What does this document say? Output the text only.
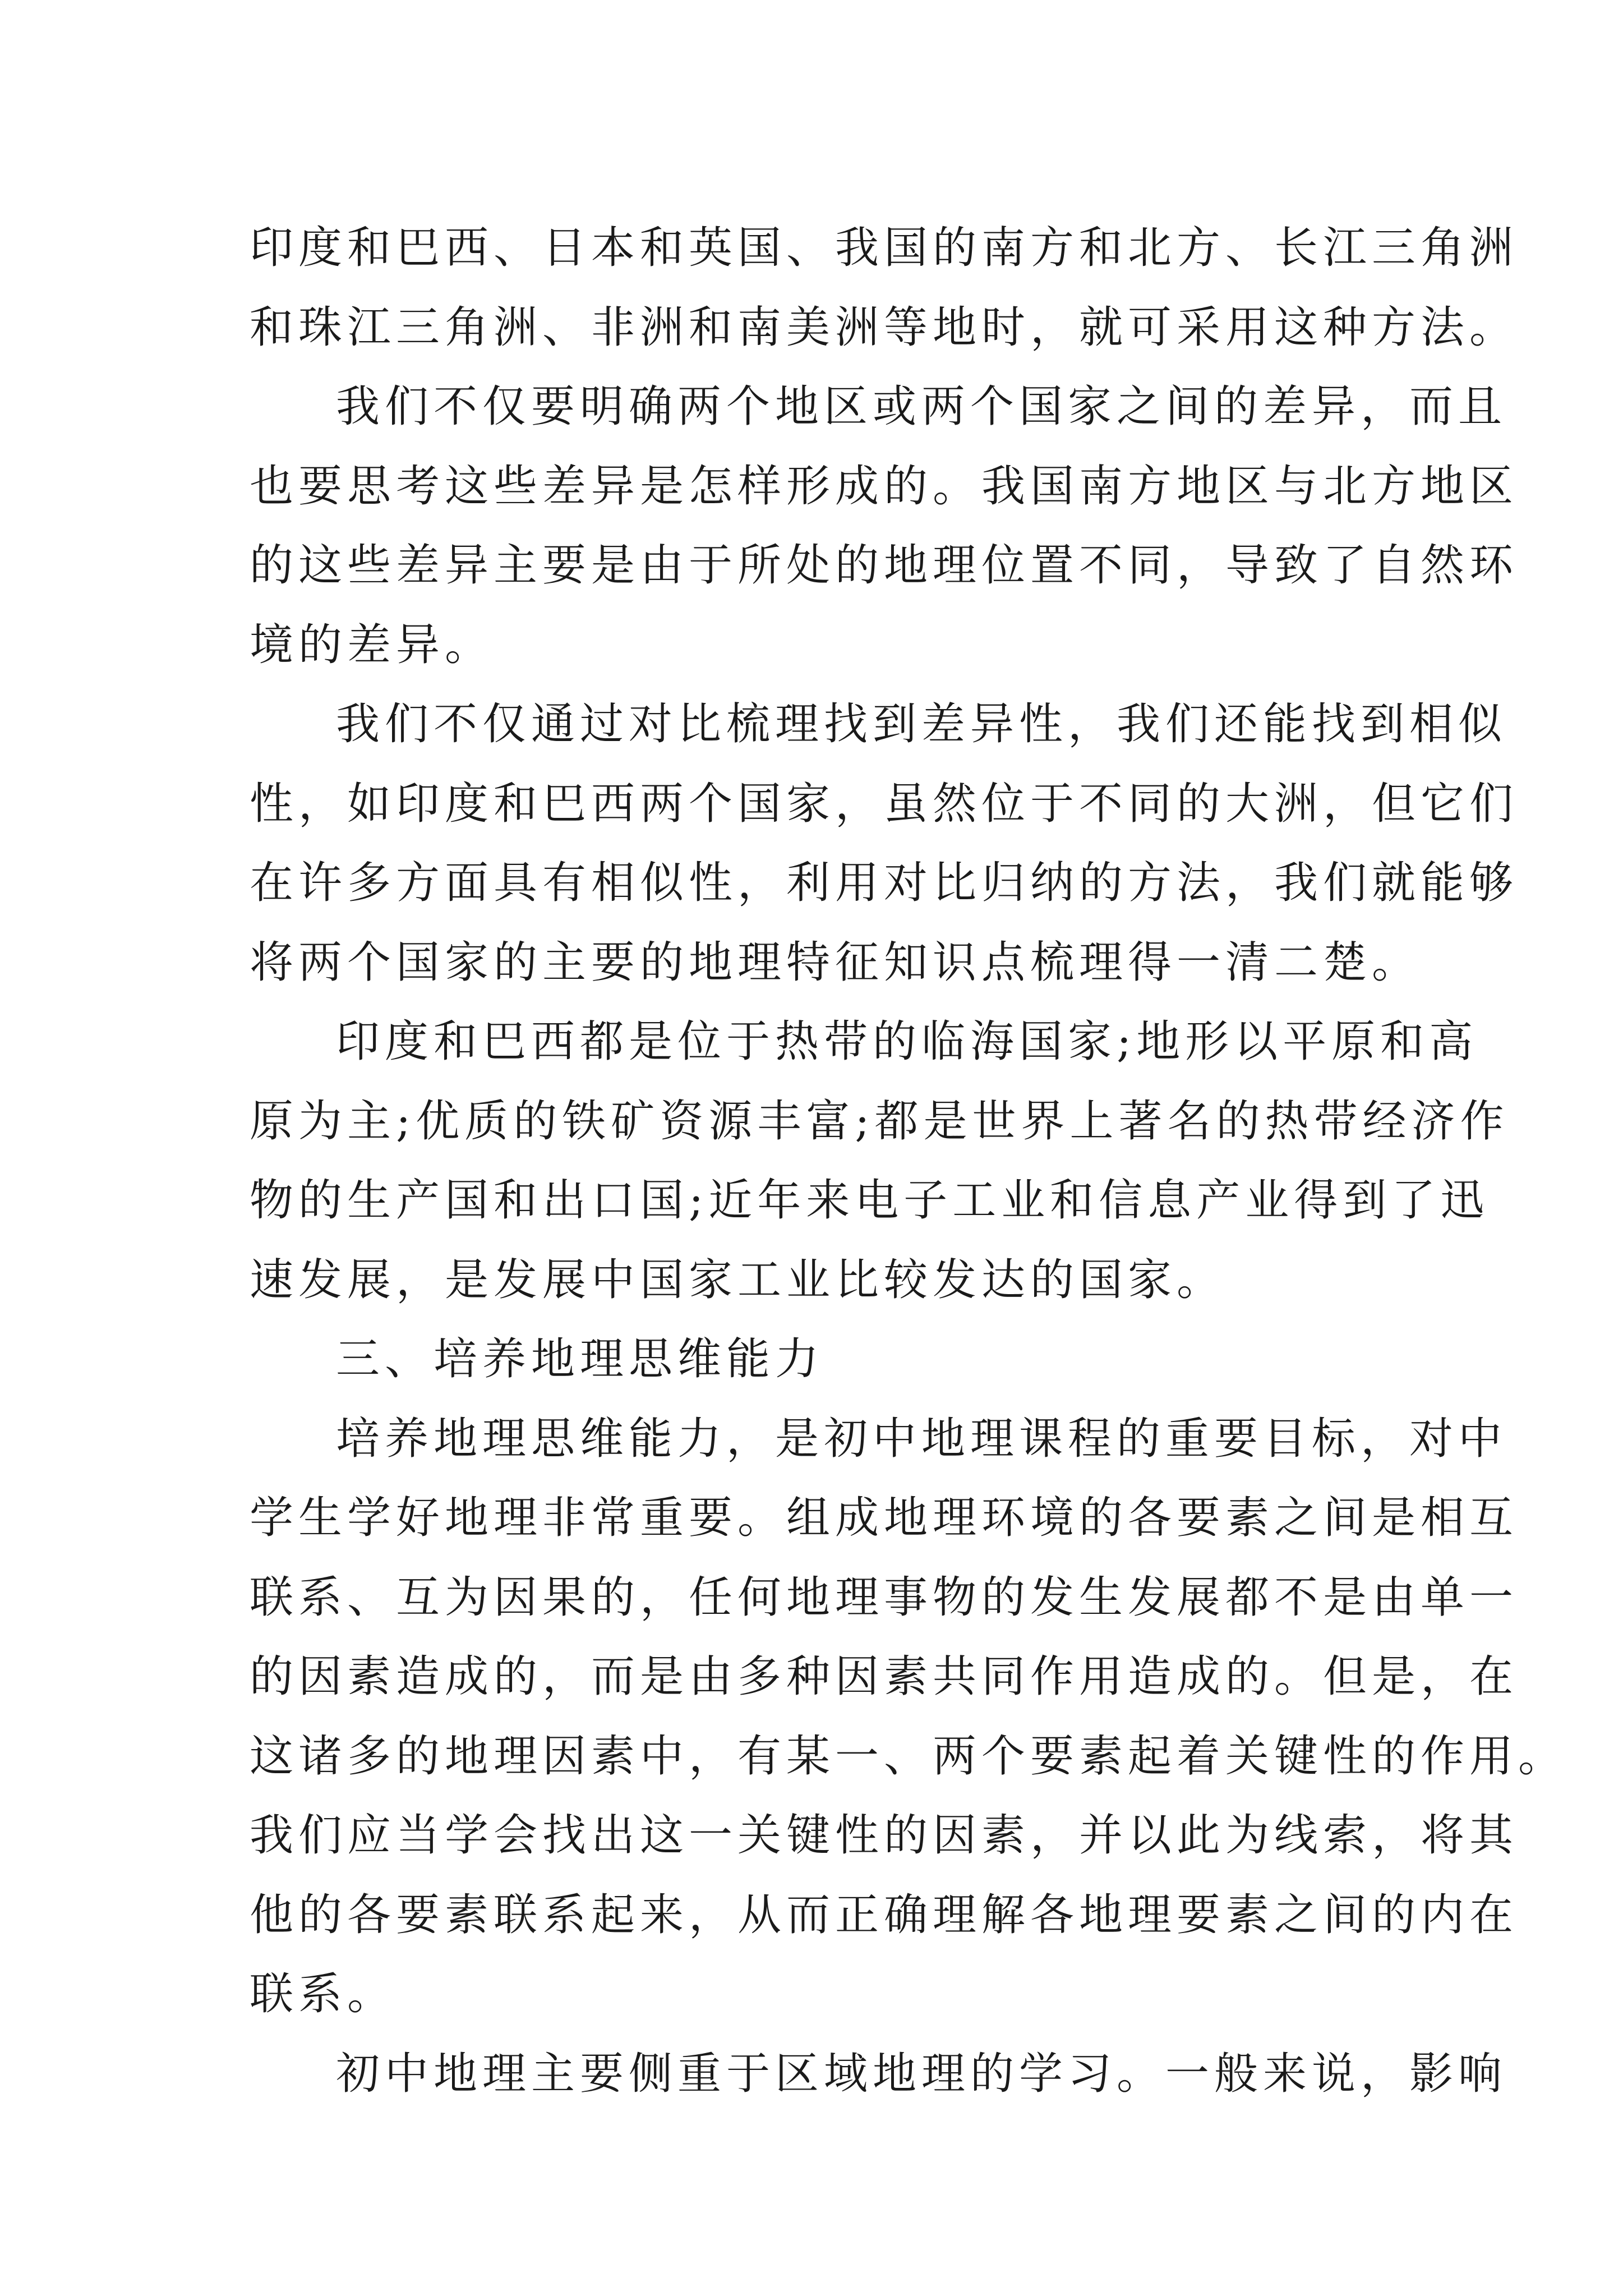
印度和巴西、日本和英国、我国的南方和北方、长江三角洲
和珠江三角洲、非洲和南美洲等地时，就可采用这种方法。
我们不仅要明确两个地区或两个国家之间的差异，而且
也要思考这些差异是怎样形成的。我国南方地区与北方地区
的这些差异主要是由于所处的地理位置不同，导致了自然环
境的差异。
我们不仅通过对比梳理找到差异性，我们还能找到相似
性，如印度和巴西两个国家，虽然位于不同的大洲，但它们
在许多方面具有相似性，利用对比归纳的方法，我们就能够
将两个国家的主要的地理特征知识点梳理得一清二楚。
印度和巴西都是位于热带的临海国家;地形以平原和高
原为主;优质的铁矿资源丰富;都是世界上著名的热带经济作
物的生产国和出口国;近年来电子工业和信息产业得到了迅
速发展，是发展中国家工业比较发达的国家。
三、培养地理思维能力
培养地理思维能力，是初中地理课程的重要目标，对中
学生学好地理非常重要。组成地理环境的各要素之间是相互
联系、互为因果的，任何地理事物的发生发展都不是由单一
的因素造成的，而是由多种因素共同作用造成的。但是，在
这诸多的地理因素中，有某一、两个要素起着关键性的作用。
我们应当学会找出这一关键性的因素，并以此为线索，将其
他的各要素联系起来，从而正确理解各地理要素之间的内在
联系。
初中地理主要侧重于区域地理的学习。一般来说，影响
